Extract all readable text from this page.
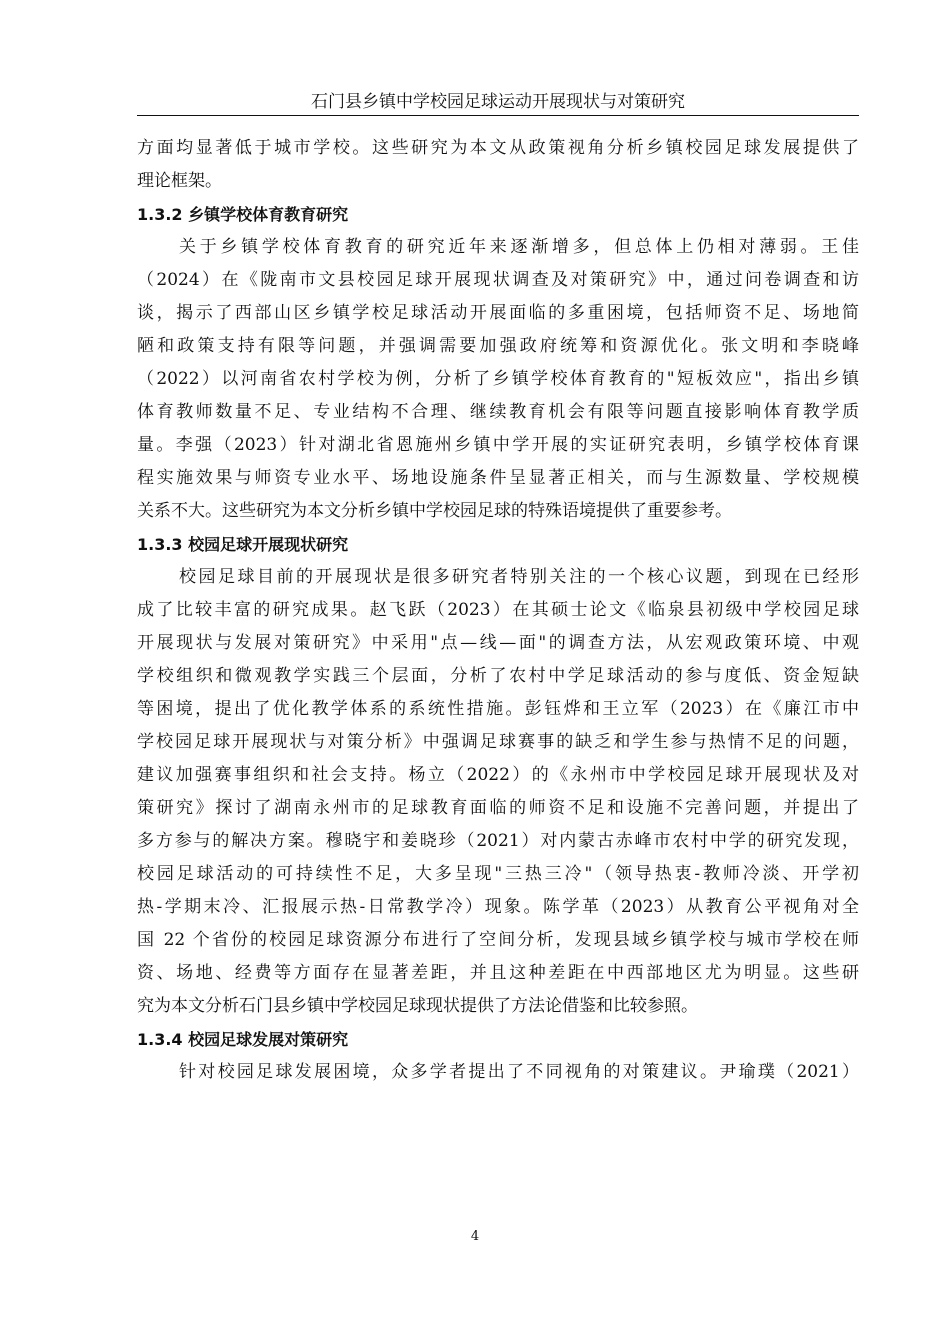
石门县乡镇中学校园足球运动开展现状与对策研究
方面均显著低于城市学校。这些研究为本文从政策视角分析乡镇校园足球发展提供了
理论框架。
1.3.2 乡镇学校体育教育研究
关于乡镇学校体育教育的研究近年来逐渐增多，但总体上仍相对薄弱。王佳
（2024）在《陇南市文县校园足球开展现状调查及对策研究》中，通过问卷调查和访
谈，揭示了西部山区乡镇学校足球活动开展面临的多重困境，包括师资不足、场地简
陋和政策支持有限等问题，并强调需要加强政府统筹和资源优化。张文明和李晓峰
（2022）以河南省农村学校为例，分析了乡镇学校体育教育的"短板效应"，指出乡镇
体育教师数量不足、专业结构不合理、继续教育机会有限等问题直接影响体育教学质
量。李强（2023）针对湖北省恩施州乡镇中学开展的实证研究表明，乡镇学校体育课
程实施效果与师资专业水平、场地设施条件呈显著正相关，而与生源数量、学校规模
关系不大。这些研究为本文分析乡镇中学校园足球的特殊语境提供了重要参考。
1.3.3 校园足球开展现状研究
校园足球目前的开展现状是很多研究者特别关注的一个核心议题，到现在已经形
成了比较丰富的研究成果。赵飞跃（2023）在其硕士论文《临泉县初级中学校园足球
开展现状与发展对策研究》中采用"点—线—面"的调查方法，从宏观政策环境、中观
学校组织和微观教学实践三个层面，分析了农村中学足球活动的参与度低、资金短缺
等困境，提出了优化教学体系的系统性措施。彭钰烨和王立军（2023）在《廉江市中
学校园足球开展现状与对策分析》中强调足球赛事的缺乏和学生参与热情不足的问题，
建议加强赛事组织和社会支持。杨立（2022）的《永州市中学校园足球开展现状及对
策研究》探讨了湖南永州市的足球教育面临的师资不足和设施不完善问题，并提出了
多方参与的解决方案。穆晓宇和姜晓珍（2021）对内蒙古赤峰市农村中学的研究发现，
校园足球活动的可持续性不足，大多呈现"三热三冷"（领导热衷-教师冷淡、开学初
热-学期末冷、汇报展示热-日常教学冷）现象。陈学革（2023）从教育公平视角对全
国 22 个省份的校园足球资源分布进行了空间分析，发现县域乡镇学校与城市学校在师
资、场地、经费等方面存在显著差距，并且这种差距在中西部地区尤为明显。这些研
究为本文分析石门县乡镇中学校园足球现状提供了方法论借鉴和比较参照。
1.3.4 校园足球发展对策研究
针对校园足球发展困境，众多学者提出了不同视角的对策建议。尹瑜璞（2021）
4
